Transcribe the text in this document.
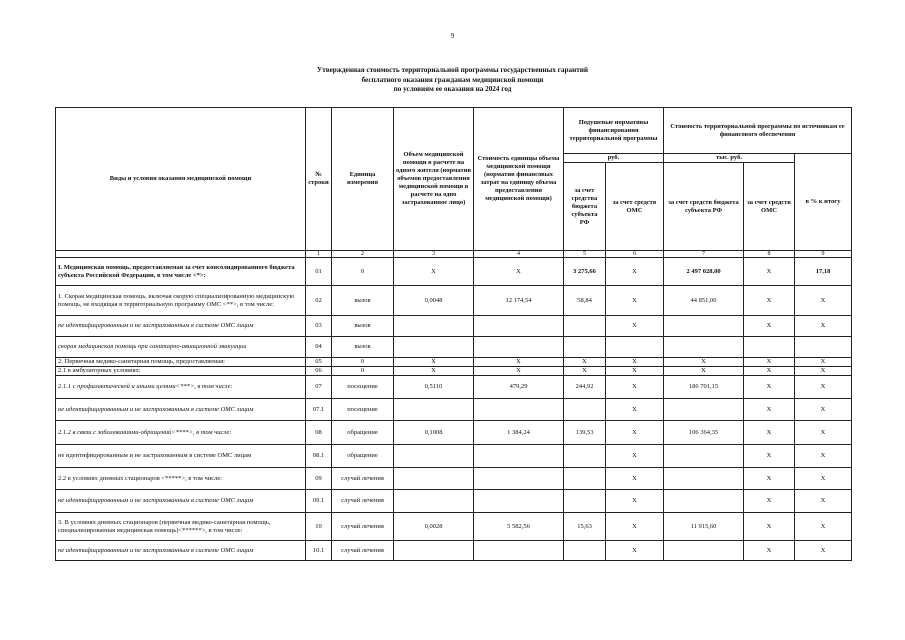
9
Утвержденная стоимость территориальной программы государственных гарантий
бесплатного оказания гражданам медицинской помощи
по условиям ее оказания на 2024 год
Виды и условия оказания медицинской помощи	№ строки	Единица измерения	Объем медицинской помощи в расчете на одного жителя (норматив объемов предоставления медицинской помощи в расчете на одно застрахованное лицо)	Стоимость единицы объема медицинской помощи (норматив финансовых затрат на единицу объема предоставления медицинской помощи)	Подушевые нормативы финансирования территориальной программы		Стоимость территориальной программы по источникам ее финансового обеспечения		
					руб.		тыс. руб.		в % к итогу
					за счет средства бюджета субъекта РФ	за счет средств ОМС	за счет средств бюджета субъекта РФ	за счет средств ОМС	
	1	2	3	4	5	6	7	8	9
I. Медицинская помощь, предоставляемая за счет консолидированного бюджета субъекта Российской Федерации, в том числе <*>:	01	0	X	X	3 275,66	X	2 497 028,00	X	17,18
1. Скорая медицинская помощь, включая скорую специализированную медицинскую помощь, не входящая в территориальную программу ОМС <**>, в том числе:	02	вызов	0,0048	12 174,54	58,84	X	44 851,00	X	X
не идентифицированным и не застрахованным в системе ОМС лицам	03	вызов				X		X	X
скорая медицинская помощь при санитарно-авиационной эвакуации	04	вызов							
2. Первичная медико-санитарная помощь, предоставляемая:	05	0	X	X	X	X	X	X	X
2.1 в амбулаторных условиях:	06	0	X	X	X	X	X	X	X
2.1.1 с профилактической и иными целями<***>, в том числе:	07	посещение	0,5110	479,29	244,92	X	186 701,15	X	X
не идентифицированным и не застрахованным в системе ОМС лицам	07.1	посещение				X		X	X
2.1.2 в связи с заболеваниями-обращений<****>, в том числе:	08	обращение	0,1008	1 384,24	139,53	X	106 364,35	X	X
не идентифицированным и не застрахованным в системе ОМС лицам	08.1	обращение				X		X	X
2.2 в условиях дневных стационаров <*****>, в том числе:	09	случай лечения				X		X	X
не идентифицированным и не застрахованным в системе ОМС лицам	09.1	случай лечения				X		X	X
3. В условиях дневных стационаров (первичная медико-санитарная помощь, специализированная медицинская помощь)<******>, в том числе:	10	случай лечения	0,0028	5 582,56	15,63	X	11 915,60	X	X
не идентифицированным и не застрахованным в системе ОМС лицам	10.1	случай лечения				X		X	X
